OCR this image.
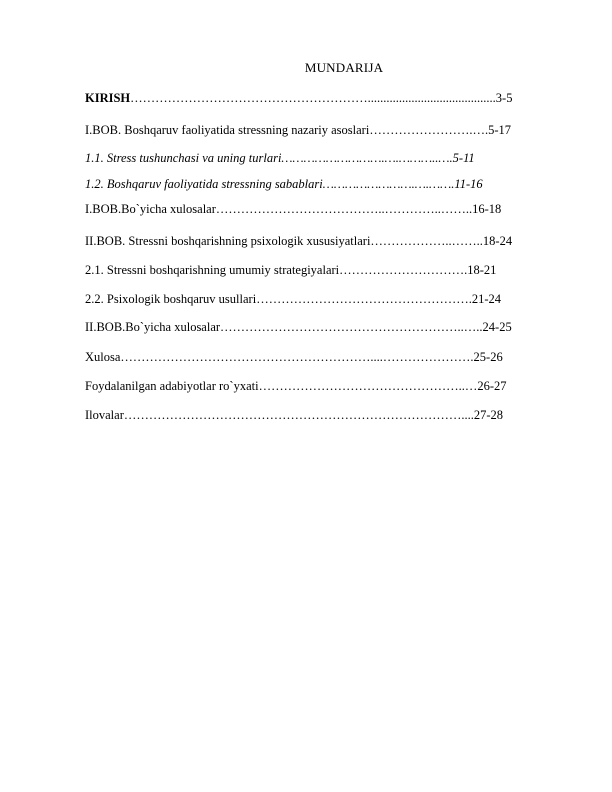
MUNDARIJA
KIRISH………………………………………………….........................................3-5
I.BOB. Boshqaruv faoliyatida stressning nazariy asoslari…………………….….5-17
1.1. Stress tushunchasi va uning turlari……………………….….………..….5-11
1.2. Boshqaruv faoliyatida stressning sabablari…………………….….…….11-16
I.BOB.Bo`yicha xulosalar…………………………………..…………..……..16-18
II.BOB. Stressni boshqarishning psixologik xususiyatlari………………..……..18-24
2.1. Stressni boshqarishning umumiy strategiyalari………………………….18-21
2.2. Psixologik boshqaruv usullari…………………………………………….21-24
II.BOB.Bo`yicha xulosalar…………………………………………………..…..24-25
Xulosa……………………………………………………....………………….25-26
Foydalanilgan adabiyotlar ro`yxati…………………………………………..…26-27
Ilovalar………………………………………………………………………....27-28
